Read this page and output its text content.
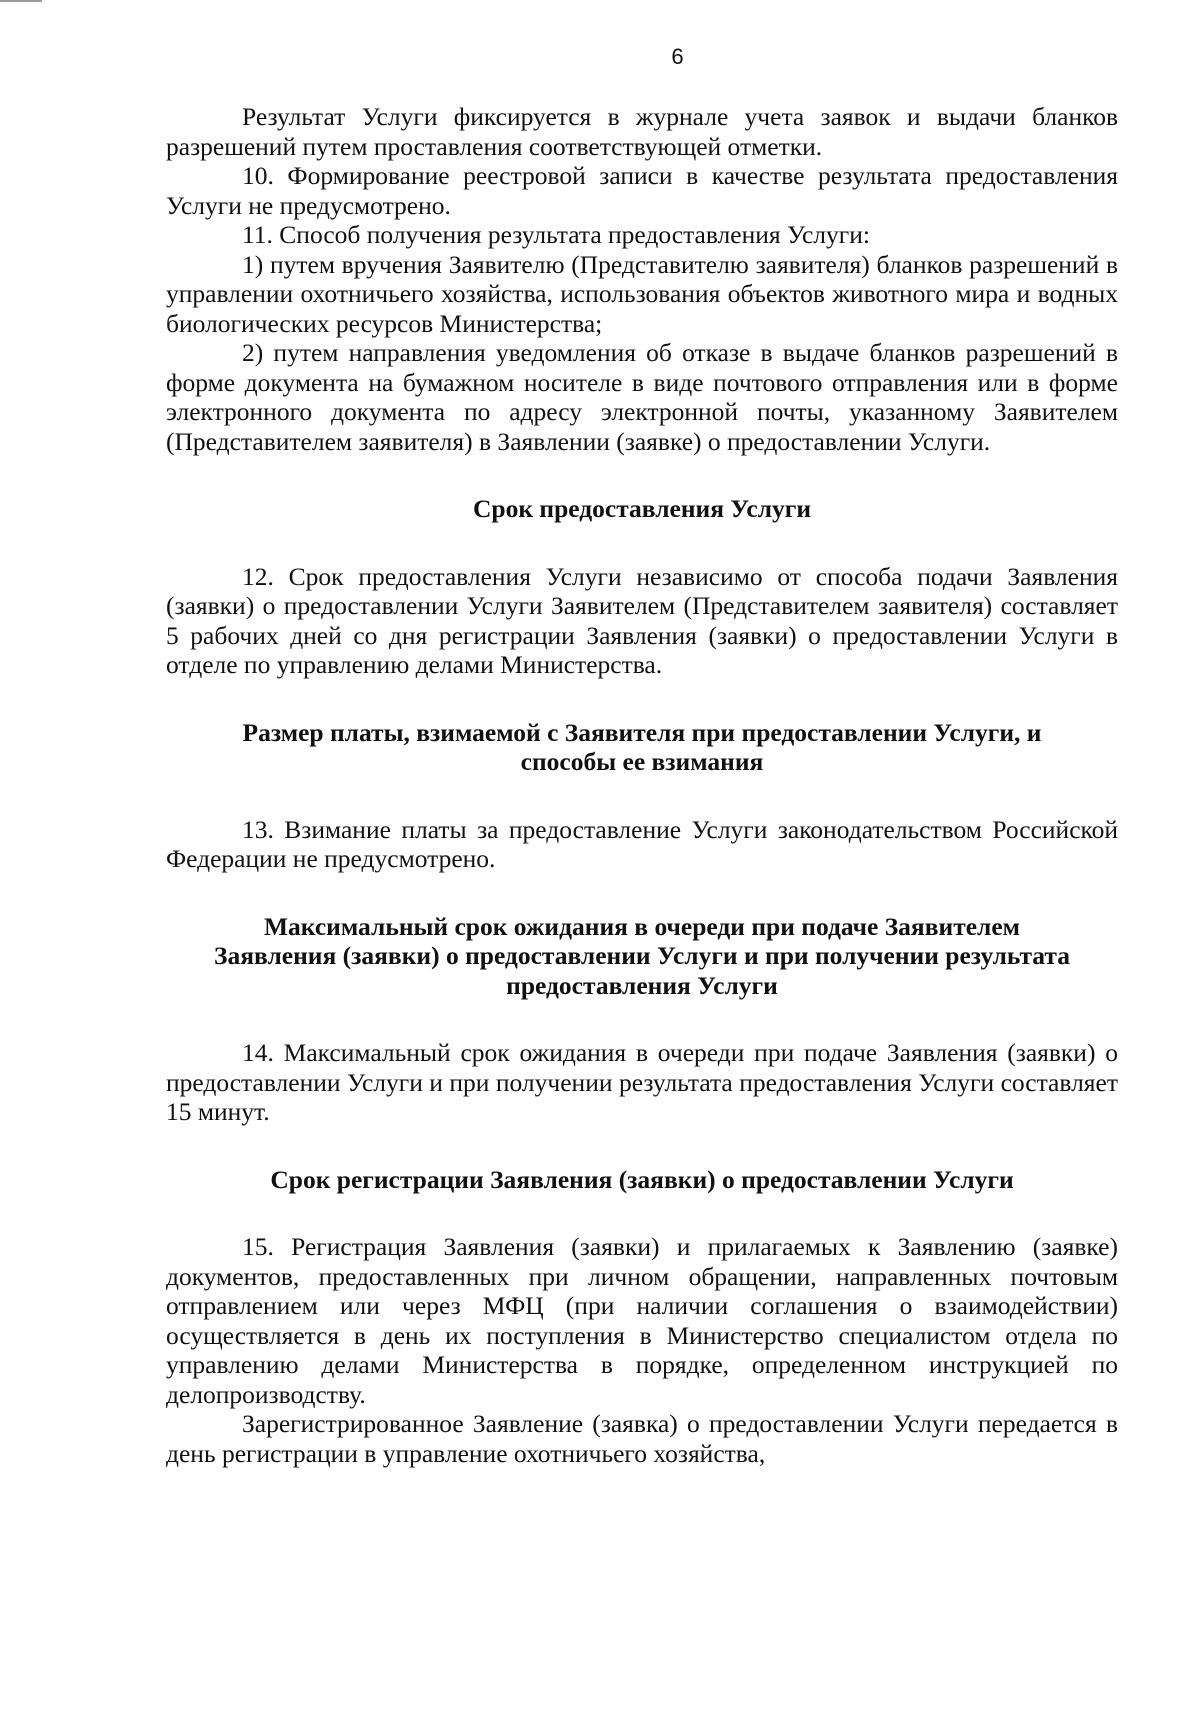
6

Результат Услуги фиксируется в журнале учета заявок и выдачи бланков разрешений путем проставления соответствующей отметки.

10. Формирование реестровой записи в качестве результата предоставления Услуги не предусмотрено.

11. Способ получения результата предоставления Услуги:

1) путем вручения Заявителю (Представителю заявителя) бланков разрешений в управлении охотничьего хозяйства, использования объектов животного мира и водных биологических ресурсов Министерства;

2) путем направления уведомления об отказе в выдаче бланков разрешений в форме документа на бумажном носителе в виде почтового отправления или в форме электронного документа по адресу электронной почты, указанному Заявителем (Представителем заявителя) в Заявлении (заявке) о предоставлении Услуги.

Срок предоставления Услуги

12. Срок предоставления Услуги независимо от способа подачи Заявления (заявки) о предоставлении Услуги Заявителем (Представителем заявителя) составляет 5 рабочих дней со дня регистрации Заявления (заявки) о предоставлении Услуги в отделе по управлению делами Министерства.

Размер платы, взимаемой с Заявителя при предоставлении Услуги, и способы ее взимания

13. Взимание платы за предоставление Услуги законодательством Российской Федерации не предусмотрено.

Максимальный срок ожидания в очереди при подаче Заявителем Заявления (заявки) о предоставлении Услуги и при получении результата предоставления Услуги

14. Максимальный срок ожидания в очереди при подаче Заявления (заявки) о предоставлении Услуги и при получении результата предоставления Услуги составляет 15 минут.

Срок регистрации Заявления (заявки) о предоставлении Услуги

15. Регистрация Заявления (заявки) и прилагаемых к Заявлению (заявке) документов, предоставленных при личном обращении, направленных почтовым отправлением или через МФЦ (при наличии соглашения о взаимодействии) осуществляется в день их поступления в Министерство специалистом отдела по управлению делами Министерства в порядке, определенном инструкцией по делопроизводству.

Зарегистрированное Заявление (заявка) о предоставлении Услуги передается в день регистрации в управление охотничьего хозяйства,
